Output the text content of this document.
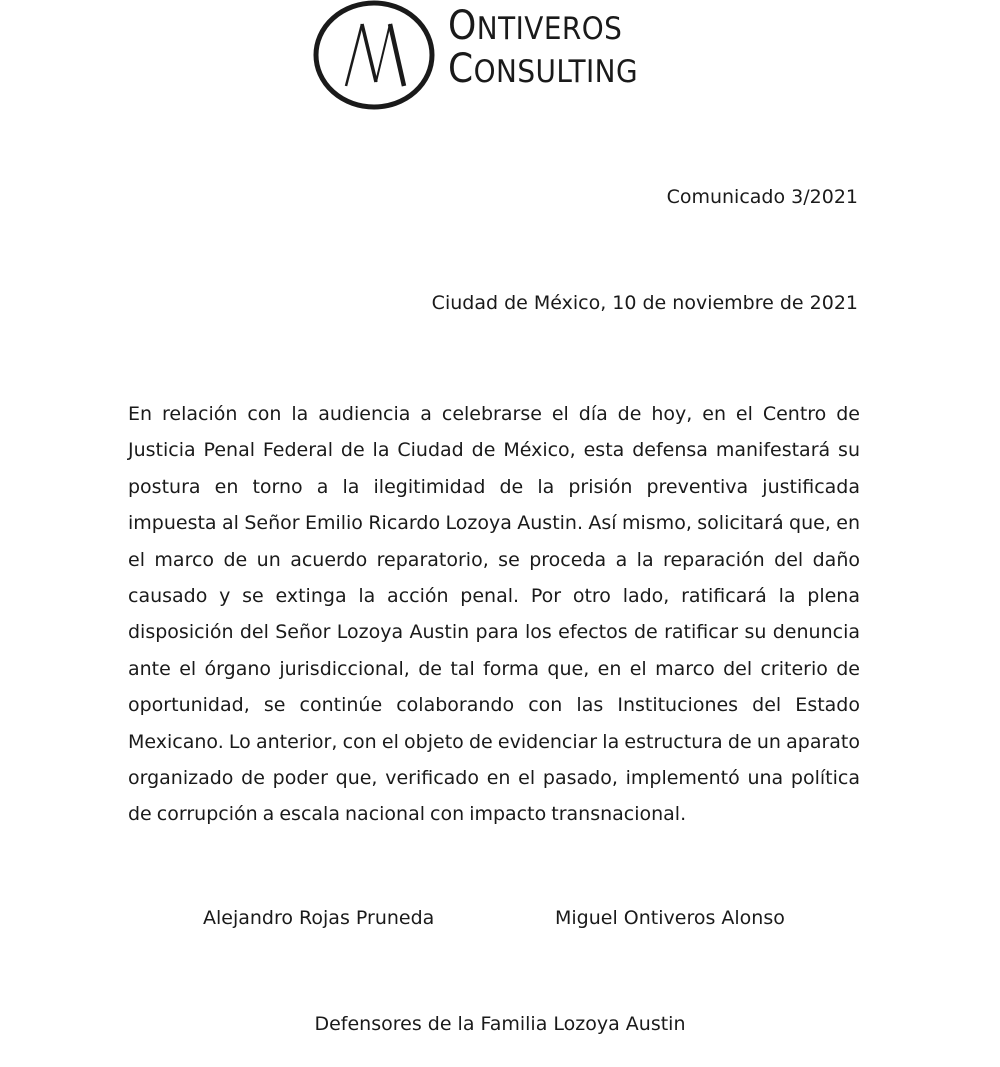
ONTIVEROS
CONSULTING
Comunicado 3/2021
Ciudad de México, 10 de noviembre de 2021

En relación con la audiencia a celebrarse el día de hoy, en el Centro de Justicia Penal Federal de la Ciudad de México, esta defensa manifestará su postura en torno a la ilegitimidad de la prisión preventiva justificada impuesta al Señor Emilio Ricardo Lozoya Austin. Así mismo, solicitará que, en el marco de un acuerdo reparatorio, se proceda a la reparación del daño causado y se extinga la acción penal. Por otro lado, ratificará la plena disposición del Señor Lozoya Austin para los efectos de ratificar su denuncia ante el órgano jurisdiccional, de tal forma que, en el marco del criterio de oportunidad, se continúe colaborando con las Instituciones del Estado Mexicano. Lo anterior, con el objeto de evidenciar la estructura de un aparato organizado de poder que, verificado en el pasado, implementó una política de corrupción a escala nacional con impacto transnacional.

Alejandro Rojas Pruneda	Miguel Ontiveros Alonso
Defensores de la Familia Lozoya Austin
